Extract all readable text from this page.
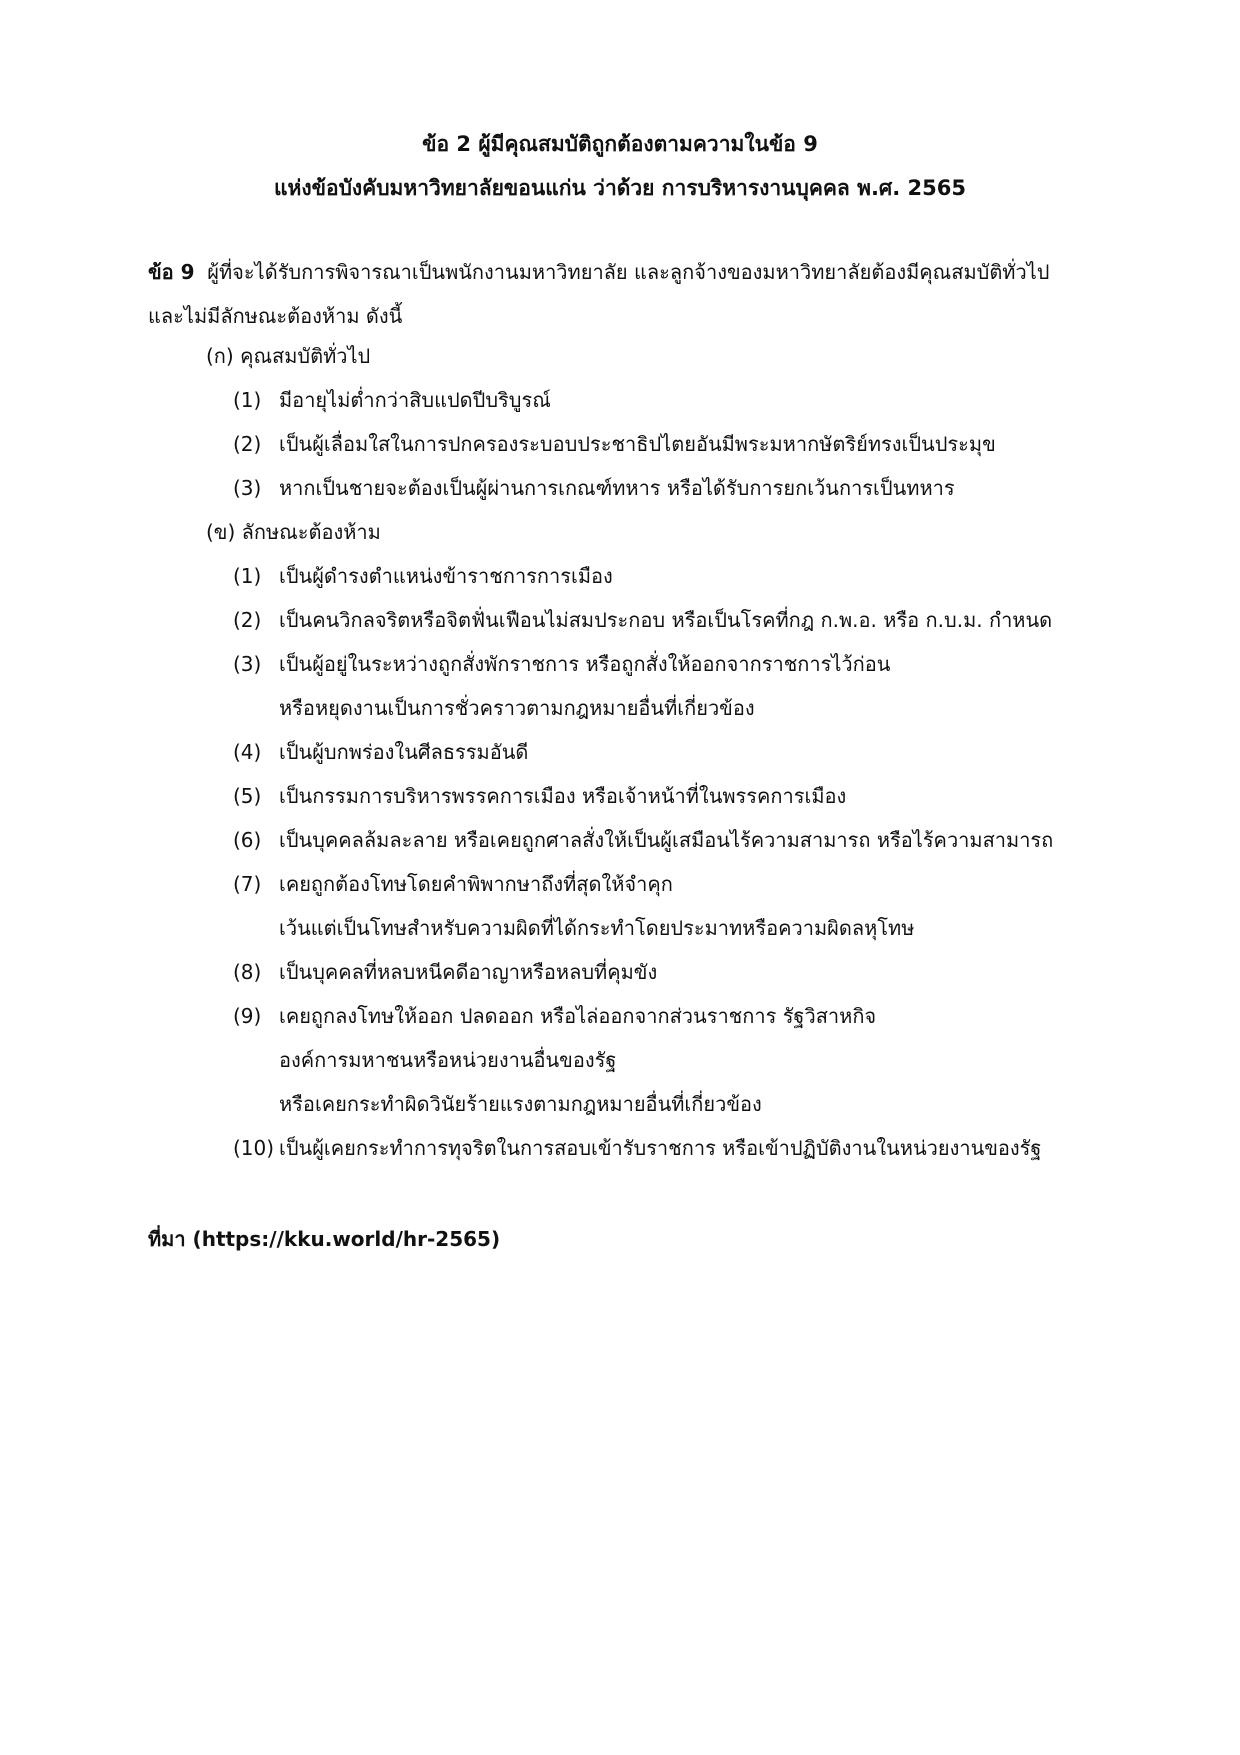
ข้อ 2 ผู้มีคุณสมบัติถูกต้องตามความในข้อ 9
แห่งข้อบังคับมหาวิทยาลัยขอนแก่น ว่าด้วย การบริหารงานบุคคล พ.ศ. 2565
ข้อ 9 ผู้ที่จะได้รับการพิจารณาเป็นพนักงานมหาวิทยาลัย และลูกจ้างของมหาวิทยาลัยต้องมีคุณสมบัติทั่วไป
และไม่มีลักษณะต้องห้าม ดังนี้
(ก) คุณสมบัติทั่วไป
(1) มีอายุไม่ต่ำกว่าสิบแปดปีบริบูรณ์
(2) เป็นผู้เลื่อมใสในการปกครองระบอบประชาธิปไตยอันมีพระมหากษัตริย์ทรงเป็นประมุข
(3) หากเป็นชายจะต้องเป็นผู้ผ่านการเกณฑ์ทหาร หรือได้รับการยกเว้นการเป็นทหาร
(ข) ลักษณะต้องห้าม
(1) เป็นผู้ดำรงตำแหน่งข้าราชการการเมือง
(2) เป็นคนวิกลจริตหรือจิตฟั่นเฟือนไม่สมประกอบ หรือเป็นโรคที่กฎ ก.พ.อ. หรือ ก.บ.ม. กำหนด
(3) เป็นผู้อยู่ในระหว่างถูกสั่งพักราชการ หรือถูกสั่งให้ออกจากราชการไว้ก่อน
หรือหยุดงานเป็นการชั่วคราวตามกฎหมายอื่นที่เกี่ยวข้อง
(4) เป็นผู้บกพร่องในศีลธรรมอันดี
(5) เป็นกรรมการบริหารพรรคการเมือง หรือเจ้าหน้าที่ในพรรคการเมือง
(6) เป็นบุคคลล้มละลาย หรือเคยถูกศาลสั่งให้เป็นผู้เสมือนไร้ความสามารถ หรือไร้ความสามารถ
(7) เคยถูกต้องโทษโดยคำพิพากษาถึงที่สุดให้จำคุก
เว้นแต่เป็นโทษสำหรับความผิดที่ได้กระทำโดยประมาทหรือความผิดลหุโทษ
(8) เป็นบุคคลที่หลบหนีคดีอาญาหรือหลบที่คุมขัง
(9) เคยถูกลงโทษให้ออก ปลดออก หรือไล่ออกจากส่วนราชการ รัฐวิสาหกิจ
องค์การมหาชนหรือหน่วยงานอื่นของรัฐ
หรือเคยกระทำผิดวินัยร้ายแรงตามกฎหมายอื่นที่เกี่ยวข้อง
(10) เป็นผู้เคยกระทำการทุจริตในการสอบเข้ารับราชการ หรือเข้าปฏิบัติงานในหน่วยงานของรัฐ
ที่มา (https://kku.world/hr-2565)
